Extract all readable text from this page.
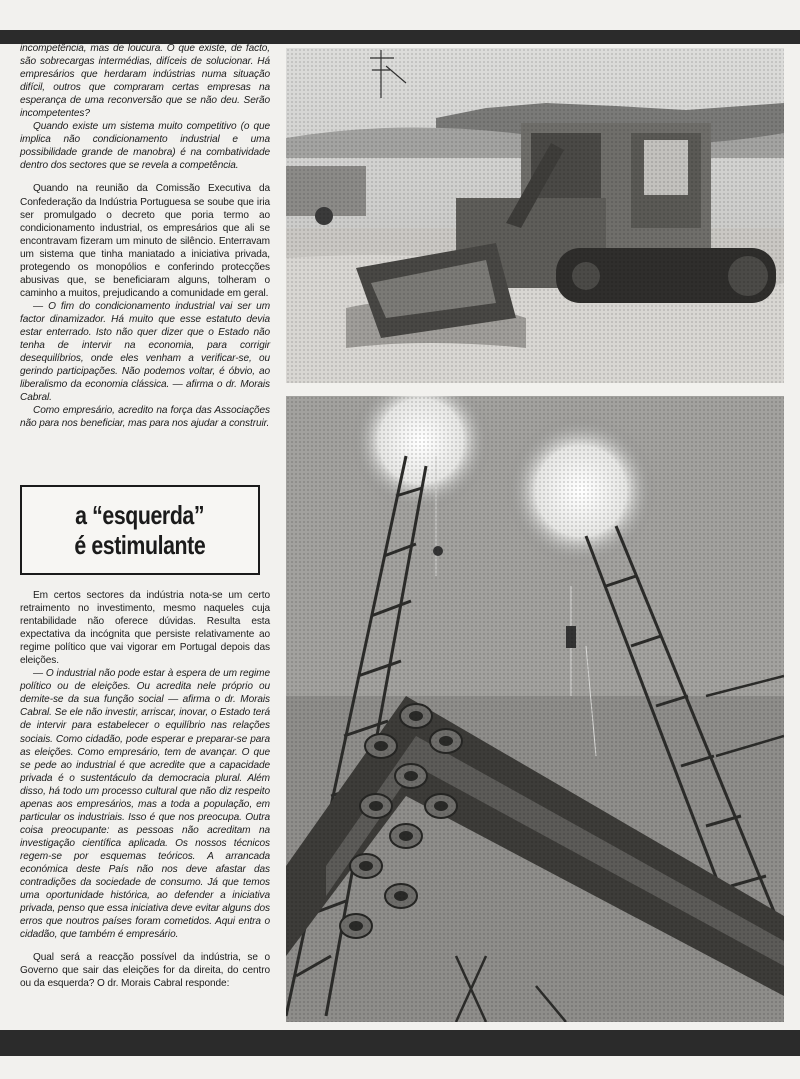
incompetência, mas de loucura. O que existe, de facto, são sobrecargas intermédias, difíceis de solucionar. Há empresários que herdaram indústrias numa situação difícil, outros que compraram certas empresas na esperança de uma reconversão que se não deu. Serão incompetentes?

Quando existe um sistema muito competitivo (o que implica não condicionamento industrial e uma possibilidade grande de manobra) é na combatividade dentro dos sectores que se revela a competência.

Quando na reunião da Comissão Executiva da Confederação da Indústria Portuguesa se soube que iria ser promulgado o decreto que poria termo ao condicionamento industrial, os empresários que ali se encontravam fizeram um minuto de silêncio. Enterravam um sistema que tinha maniatado a iniciativa privada, protegendo os monopólios e conferindo protecções abusivas que, se beneficiaram alguns, tolheram o caminho a muitos, prejudicando a comunidade em geral.

— O fim do condicionamento industrial vai ser um factor dinamizador. Há muito que esse estatuto devia estar enterrado. Isto não quer dizer que o Estado não tenha de intervir na economia, para corrigir desequilíbrios, onde eles venham a verificar-se, ou gerindo participações. Não podemos voltar, é óbvio, ao liberalismo da economia clássica. — afirma o dr. Morais Cabral.

Como empresário, acredito na força das Associações não para nos beneficiar, mas para nos ajudar a construir.

a “esquerda”
é estimulante

Em certos sectores da indústria nota-se um certo retraimento no investimento, mesmo naqueles cuja rentabilidade não oferece dúvidas. Resulta esta expectativa da incógnita que persiste relativamente ao regime político que vai vigorar em Portugal depois das eleições.

— O industrial não pode estar à espera de um regime político ou de eleições. Ou acredita nele próprio ou demite-se da sua função social — afirma o dr. Morais Cabral. Se ele não investir, arriscar, inovar, o Estado terá de intervir para estabelecer o equilíbrio nas relações sociais. Como cidadão, pode esperar e preparar-se para as eleições. Como empresário, tem de avançar. O que se pede ao industrial é que acredite que a capacidade privada é o sustentáculo da democracia plural. Além disso, há todo um processo cultural que não diz respeito apenas aos empresários, mas a toda a população, em particular os industriais. Isso é que nos preocupa. Outra coisa preocupante: as pessoas não acreditam na investigação científica aplicada. Os nossos técnicos regem-se por esquemas teóricos. A arrancada económica deste País não nos deve afastar das contradições da sociedade de consumo. Já que temos uma oportunidade histórica, ao defender a iniciativa privada, penso que essa iniciativa deve evitar alguns dos erros que noutros países foram cometidos. Aqui entra o cidadão, que também é empresário.

Qual será a reacção possível da indústria, se o Governo que sair das eleições for da direita, do centro ou da esquerda? O dr. Morais Cabral responde:
